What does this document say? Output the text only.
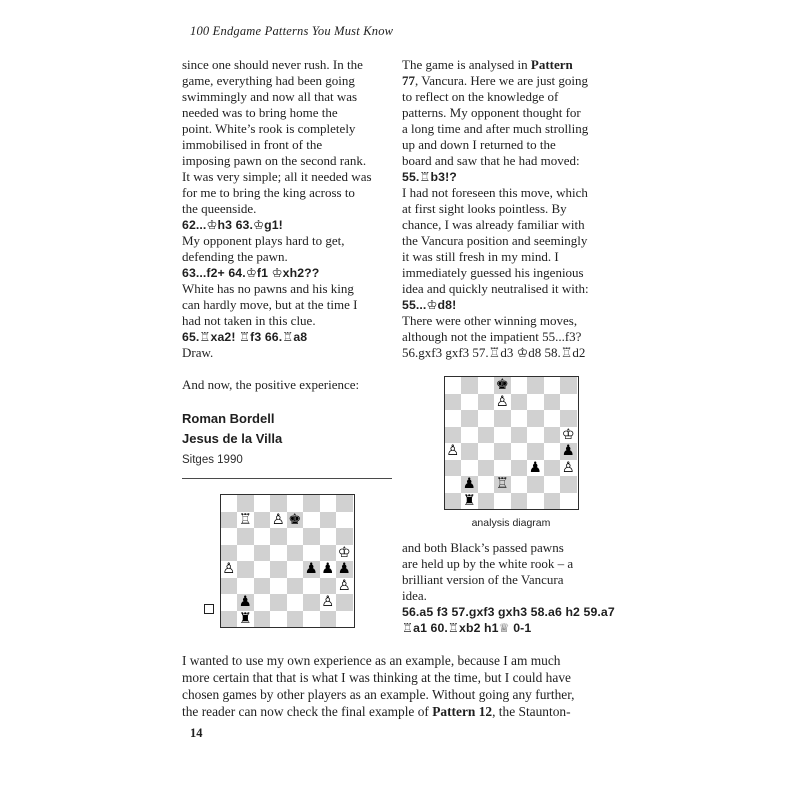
100 Endgame Patterns You Must Know
since one should never rush. In the
game, everything had been going
swimmingly and now all that was
needed was to bring home the
point. White’s rook is completely
immobilised in front of the
imposing pawn on the second rank.
It was very simple; all it needed was
for me to bring the king across to
the queenside.
62...♔h3 63.♔g1!
My opponent plays hard to get,
defending the pawn.
63...f2+ 64.♔f1 ♔xh2??
White has no pawns and his king
can hardly move, but at the time I
had not taken in this clue.
65.♖xa2! ♖f3 66.♖a8
Draw.
And now, the positive experience:
Roman Bordell
Jesus de la Villa
Sitges 1990
♖ ♙ ♚
♔
♙	♟ ♟ ♟
♙
♟	♙
♜
The game is analysed in Pattern
77, Vancura. Here we are just going
to reflect on the knowledge of
patterns. My opponent thought for
a long time and after much strolling
up and down I returned to the
board and saw that he had moved:
55.♖b3!?
I had not foreseen this move, which
at first sight looks pointless. By
chance, I was already familiar with
the Vancura position and seemingly
it was still fresh in my mind. I
immediately guessed his ingenious
idea and quickly neutralised it with:
55...♔d8!
There were other winning moves,
although not the impatient 55...f3?
56.gxf3 gxf3 57.♖d3 ♔d8 58.♖d2
♚
♙
♔
♙	♟
♟ ♙
♟ ♖
♜
analysis diagram
and both Black’s passed pawns
are held up by the white rook – a
brilliant version of the Vancura
idea.
56.a5 f3 57.gxf3 gxh3 58.a6 h2 59.a7
♖a1 60.♖xb2 h1♕ 0-1
I wanted to use my own experience as an example, because I am much
more certain that that is what I was thinking at the time, but I could have
chosen games by other players as an example. Without going any further,
the reader can now check the final example of Pattern 12, the Staunton-
14
